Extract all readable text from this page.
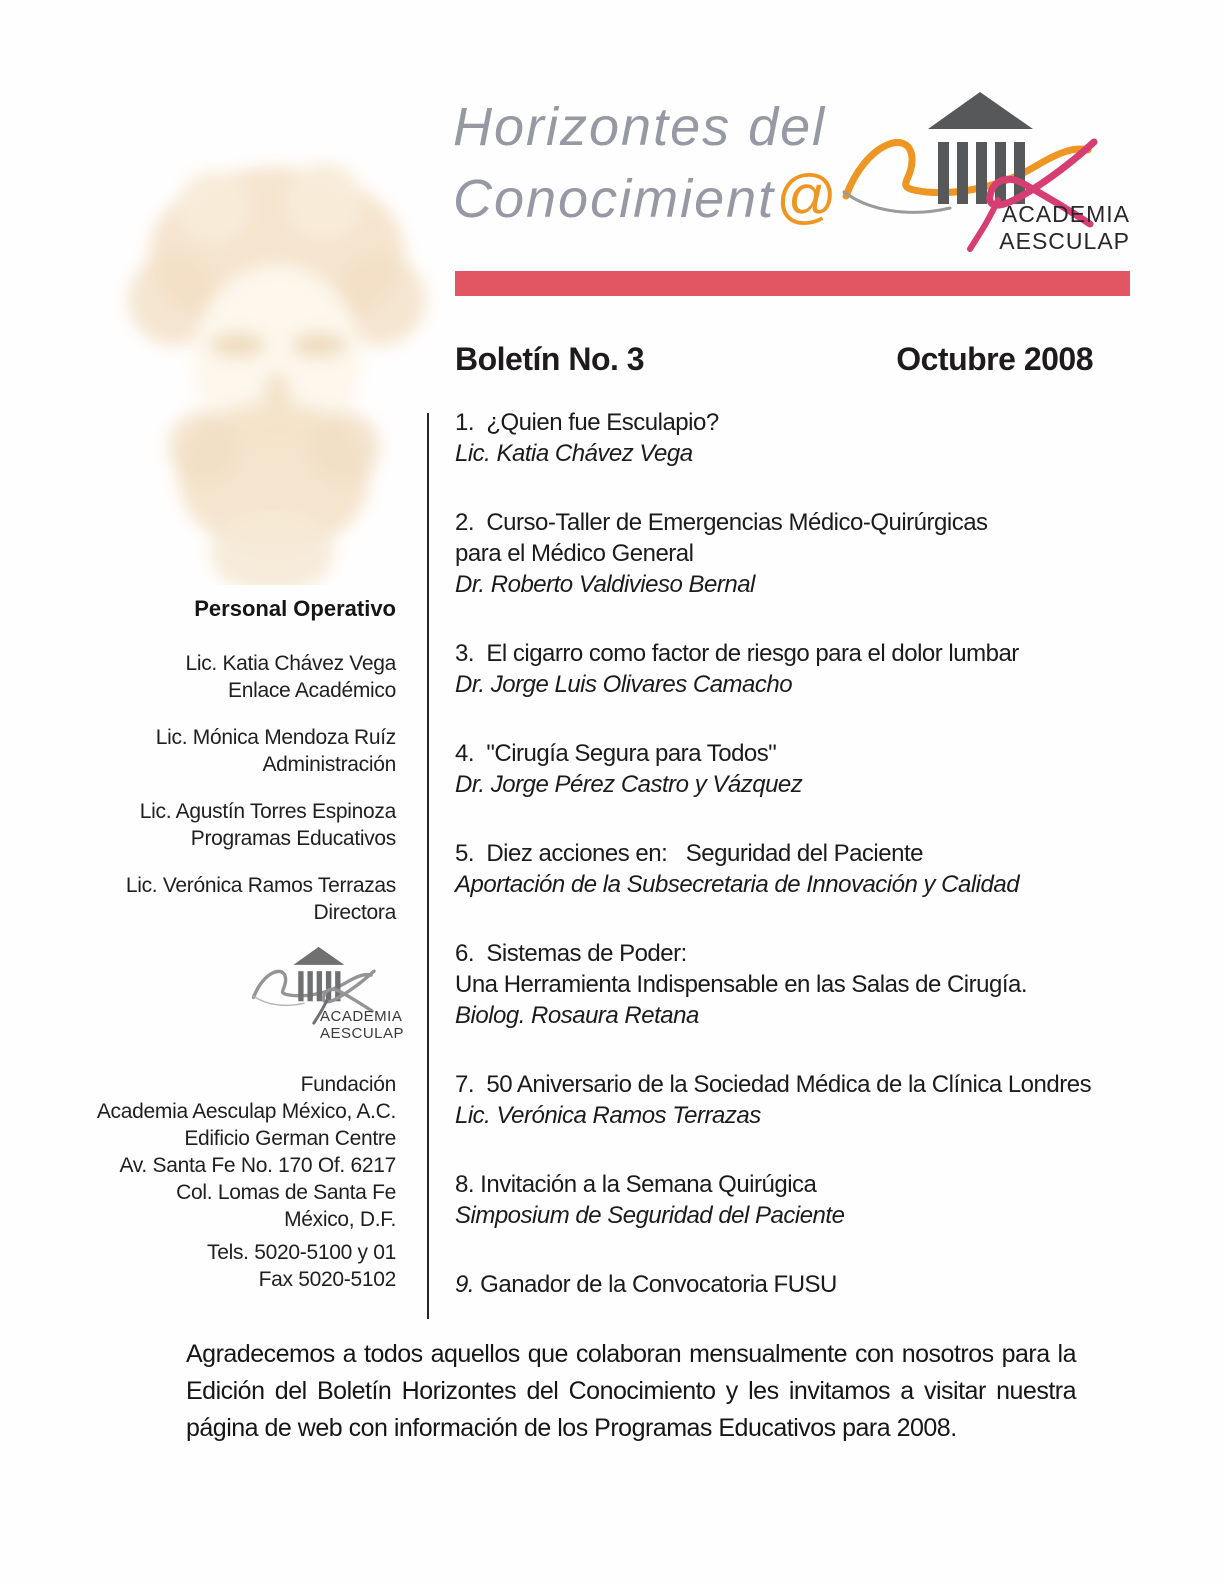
Horizontes del
Conocimient@	ACADEMIA
AESCULAP
Boletín No. 3	Octubre 2008

1.  ¿Quien fue Esculapio?

Lic. Katia Chávez Vega

2.  Curso-Taller de Emergencias Médico-Quirúrgicas

para el Médico General

Dr. Roberto Valdivieso Bernal

3.  El cigarro como factor de riesgo para el dolor lumbar

Dr. Jorge Luis Olivares Camacho

4.  "Cirugía Segura para Todos"

Dr. Jorge Pérez Castro y Vázquez

5.  Diez acciones en:   Seguridad del Paciente

Aportación de la Subsecretaria de Innovación y Calidad

6.  Sistemas de Poder:

Una Herramienta Indispensable en las Salas de Cirugía.

Biolog. Rosaura Retana

7.  50 Aniversario de la Sociedad Médica de la Clínica Londres

Lic. Verónica Ramos Terrazas

8. Invitación a la Semana Quirúgica

Simposium de Seguridad del Paciente

9. Ganador de la Convocatoria FUSU

Personal Operativo

Lic. Katia Chávez Vega

Enlace Académico

Lic. Mónica Mendoza Ruíz

Administración

Lic. Agustín Torres Espinoza

Programas Educativos

Lic. Verónica Ramos Terrazas

Directora

ACADEMIA
AESCULAP

Fundación

Academia Aesculap México, A.C.

Edificio German Centre

Av. Santa Fe No. 170 Of. 6217

Col. Lomas de Santa Fe

México, D.F.

Tels. 5020-5100 y 01

Fax 5020-5102

Agradecemos a todos aquellos que colaboran mensualmente con nosotros para la Edición del Boletín Horizontes del Conocimiento y les invitamos a visitar nuestra página de web con información de los Programas Educativos para 2008.
